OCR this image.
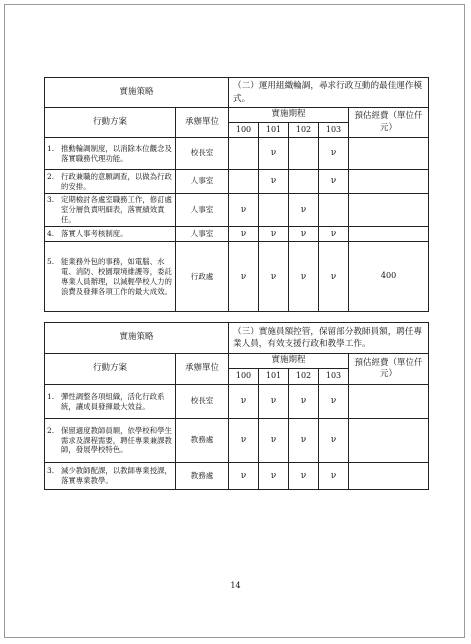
實施策略		（二）運用組織輪調，尋求行政互動的最佳運作模式。				
行動方案	承辦單位	實施期程				預估經費（單位仟元）
		100	101	102	103	

1. 推動輪調制度，以消除本位觀念及落實職務代理功能。	校長室		ν		ν	

2. 行政兼職的意願調查，以做為行政的安排。	人事室		ν		ν	

3. 定期檢討各處室職務工作，修訂處室分層負責明細表，落實績效責任。	人事室	ν		ν		

4. 落實人事考核制度。	人事室	ν	ν	ν	ν	

5. 能業務外包的事務，如電腦、水電、消防、校園環境維護等，委託專業人員辦理，以減輕學校人力的浪費及發揮各項工作的最大成效。	行政處	ν	ν	ν	ν	400
實施策略		（三）實施員額控管，保留部分教師員額，聘任專業人員，有效支援行政和教學工作。				
行動方案	承辦單位	實施期程				預估經費（單位仟元）
		100	101	102	103	

1. 彈性調整各項組織，活化行政系統，讓成員發揮最大效益。	校長室	ν	ν	ν	ν	

2. 保留適度教師員額，依學校和學生需求及課程需要，聘任專業兼課教師，發展學校特色。	教務處	ν	ν	ν	ν	

3. 減少教師配課，以教師專業授課，落實專業教學。	教務處	ν	ν	ν	ν	
14
